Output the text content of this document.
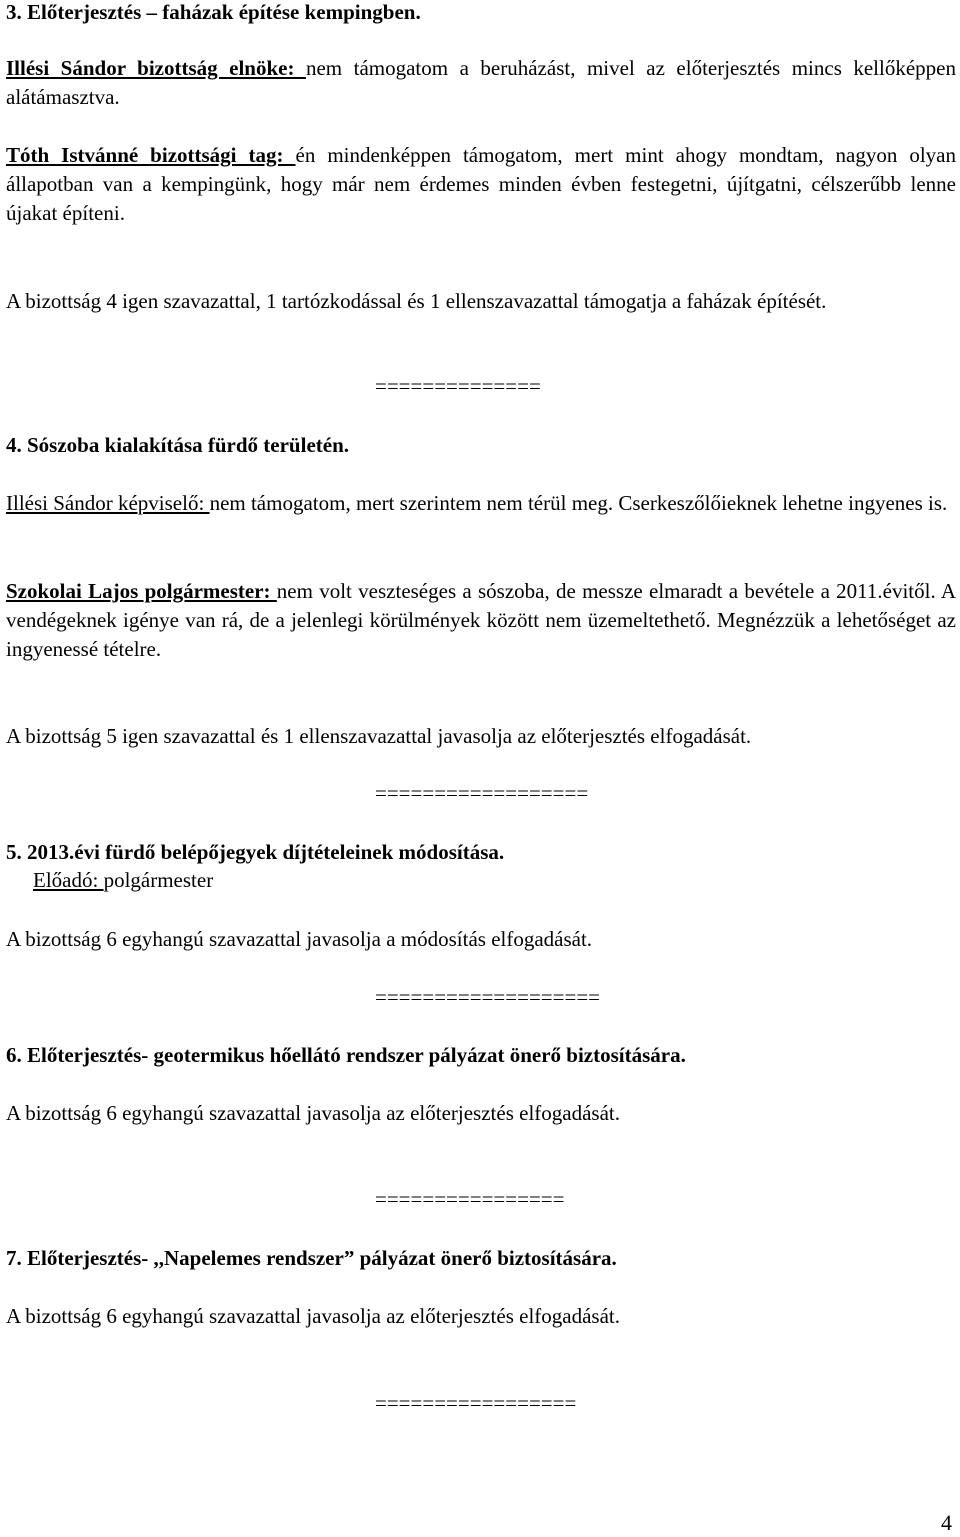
3. Előterjesztés – faházak építése kempingben.
Illési Sándor bizottság elnöke: nem támogatom a beruházást, mivel az előterjesztés mincs kellőképpen alátámasztva.
Tóth Istvánné bizottsági tag: én mindenképpen támogatom, mert mint ahogy mondtam, nagyon olyan állapotban van a kempingünk, hogy már nem érdemes minden évben festegetni, újítgatni, célszerűbb lenne újakat építeni.
A bizottság 4 igen szavazattal, 1 tartózkodással és 1 ellenszavazattal támogatja a faházak építését.
==============
4. Sószoba kialakítása fürdő területén.
Illési Sándor képviselő: nem támogatom, mert szerintem nem térül meg. Cserkeszőlőieknek lehetne ingyenes is.
Szokolai Lajos polgármester: nem volt veszteséges a sószoba, de messze elmaradt a bevétele a 2011.évitől. A vendégeknek igénye van rá, de a jelenlegi körülmények között nem üzemeltethető. Megnézzük a lehetőséget az ingyenessé tételre.
A bizottság 5 igen szavazattal és 1 ellenszavazattal javasolja az előterjesztés elfogadását.
==================
5. 2013.évi fürdő belépőjegyek díjtételeinek módosítása.
Előadó: polgármester
A bizottság 6 egyhangú szavazattal javasolja a módosítás elfogadását.
===================
6. Előterjesztés- geotermikus hőellátó rendszer pályázat önerő biztosítására.
A bizottság 6 egyhangú szavazattal javasolja az előterjesztés elfogadását.
================
7. Előterjesztés- ,,Napelemes rendszer” pályázat önerő biztosítására.
A bizottság 6 egyhangú szavazattal javasolja az előterjesztés elfogadását.
=================
4
